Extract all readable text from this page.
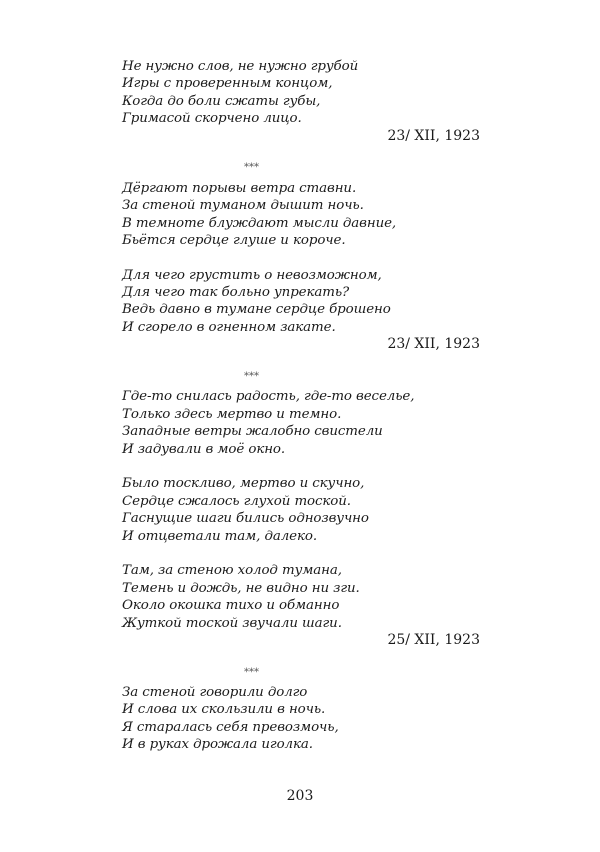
Не нужно слов, не нужно грубой
Игры с проверенным концом,
Когда до боли сжаты губы,
Гримасой скорчено лицо.
23/ XII, 1923
***
Дёргают порывы ветра ставни.
За стеной туманом дышит ночь.
В темноте блуждают мысли давние,
Бьётся сердце глуше и короче.
Для чего грустить о невозможном,
Для чего так больно упрекать?
Ведь давно в тумане сердце брошено
И сгорело в огненном закате.
23/ XII, 1923
***
Где-то снилась радость, где-то веселье,
Только здесь мертво и темно.
Западные ветры жалобно свистели
И задували в моё окно.
Было тоскливо, мертво и скучно,
Сердце сжалось глухой тоской.
Гаснущие шаги бились однозвучно
И отцветали там, далеко.
Там, за стеною холод тумана,
Темень и дождь, не видно ни зги.
Около окошка тихо и обманно
Жуткой тоской звучали шаги.
25/ XII, 1923
***
За стеной говорили долго
И слова их скользили в ночь.
Я старалась себя превозмочь,
И в руках дрожала иголка.
203
